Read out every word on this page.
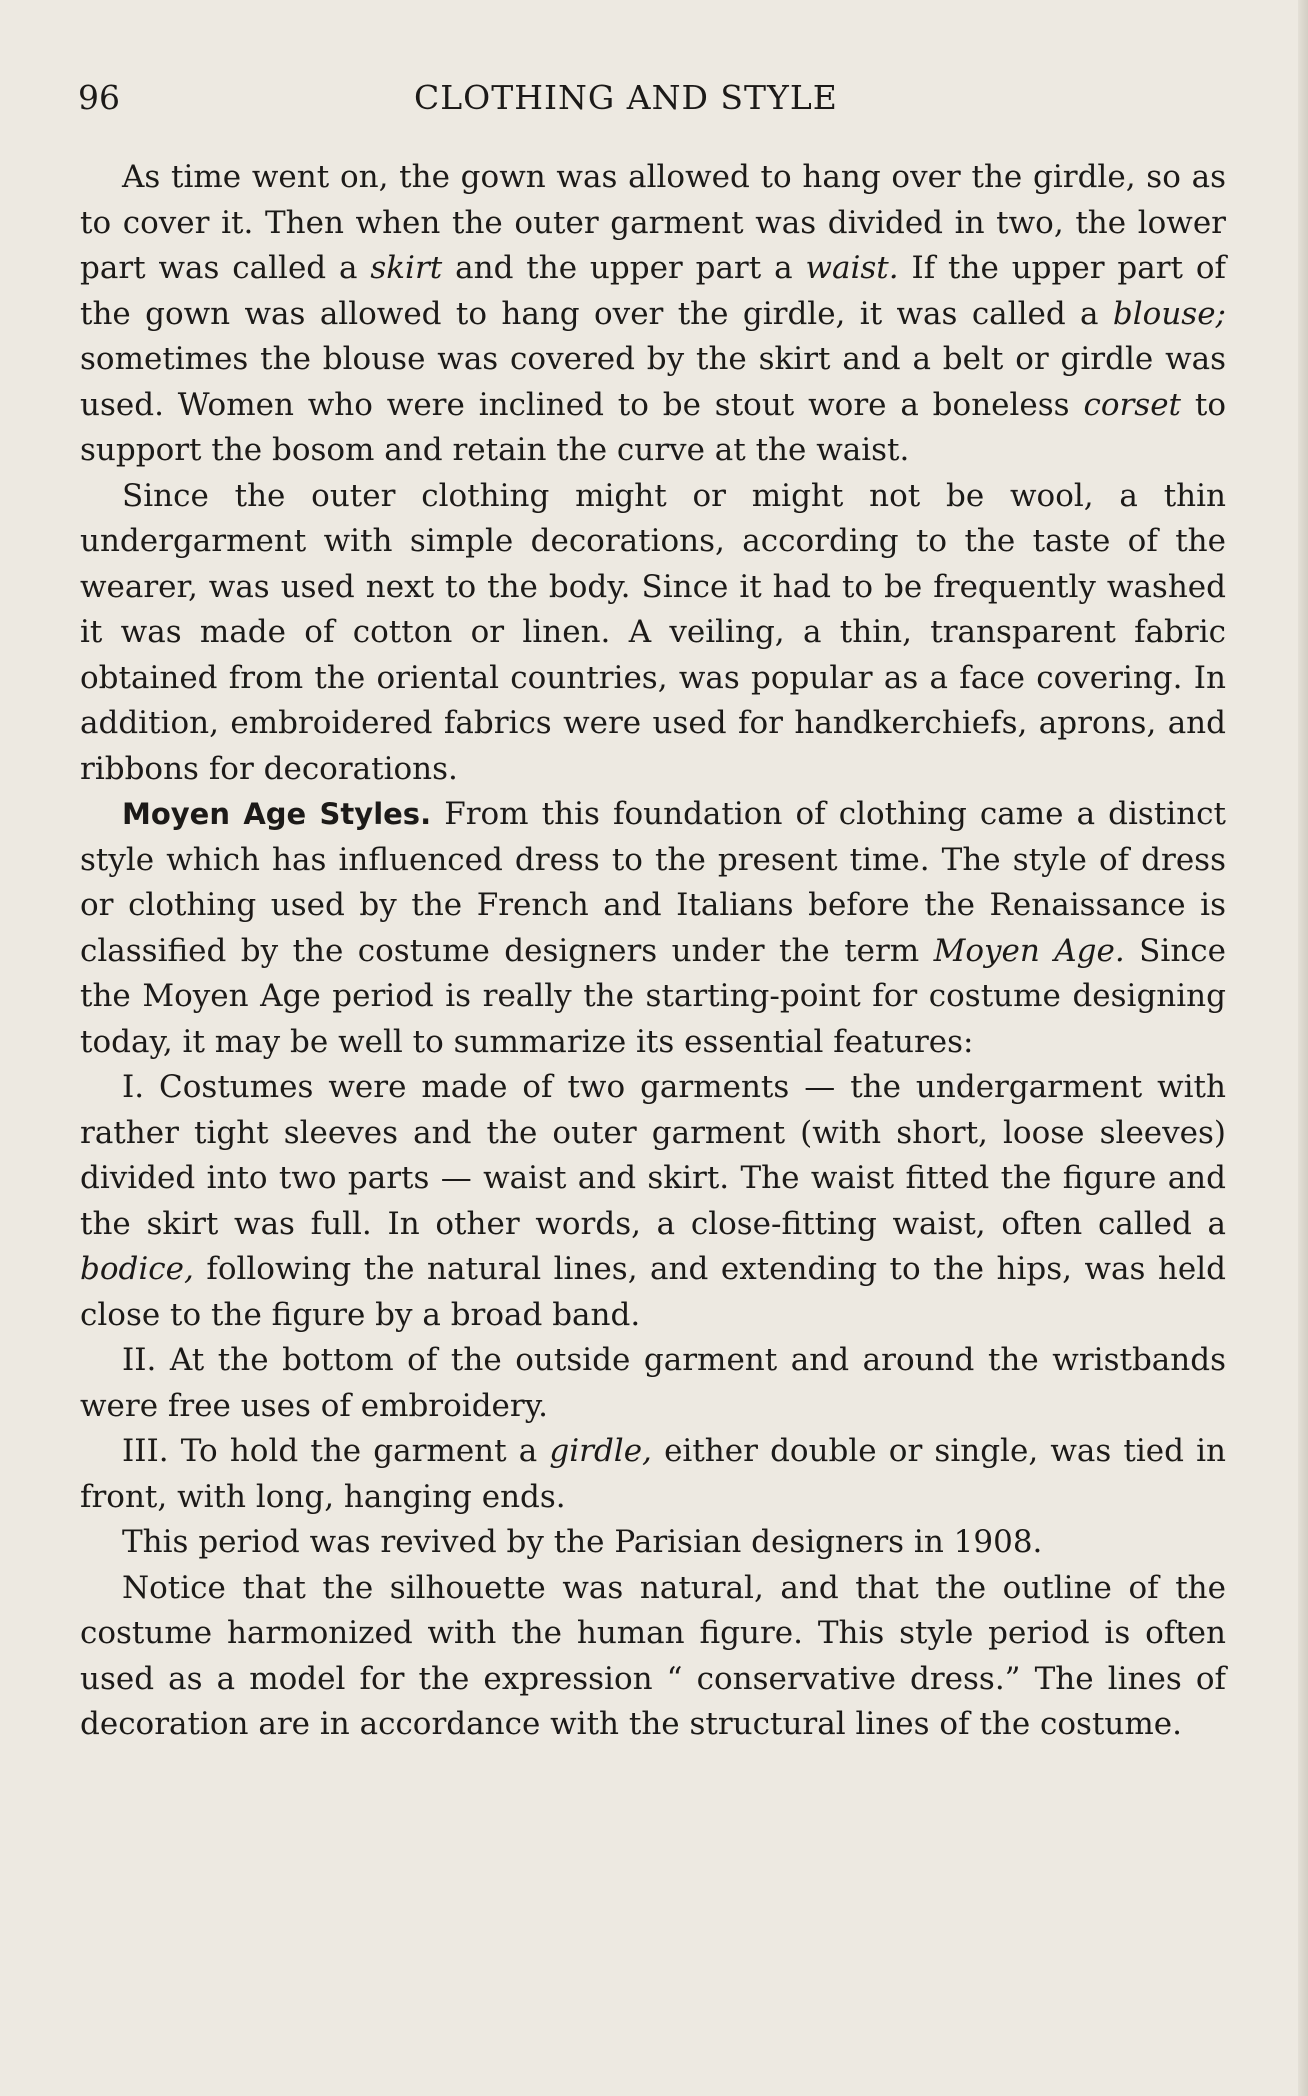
96	CLOTHING AND STYLE

As time went on, the gown was allowed to hang over the girdle, so as to cover it. Then when the outer garment was divided in two, the lower part was called a skirt and the upper part a waist. If the upper part of the gown was allowed to hang over the girdle, it was called a blouse; sometimes the blouse was covered by the skirt and a belt or girdle was used. Women who were inclined to be stout wore a boneless corset to support the bosom and retain the curve at the waist.

Since the outer clothing might or might not be wool, a thin undergarment with simple decorations, according to the taste of the wearer, was used next to the body. Since it had to be frequently washed it was made of cotton or linen. A veiling, a thin, transparent fabric obtained from the oriental countries, was popular as a face covering. In addition, embroidered fabrics were used for handkerchiefs, aprons, and ribbons for decorations.

Moyen Age Styles. From this foundation of clothing came a distinct style which has influenced dress to the present time. The style of dress or clothing used by the French and Italians before the Renaissance is classified by the costume designers under the term Moyen Age. Since the Moyen Age period is really the starting-point for costume designing today, it may be well to summarize its essential features:

I. Costumes were made of two garments — the undergarment with rather tight sleeves and the outer garment (with short, loose sleeves) divided into two parts — waist and skirt. The waist fitted the figure and the skirt was full. In other words, a close-fitting waist, often called a bodice, following the natural lines, and extending to the hips, was held close to the figure by a broad band.

II. At the bottom of the outside garment and around the wristbands were free uses of embroidery.

III. To hold the garment a girdle, either double or single, was tied in front, with long, hanging ends.

This period was revived by the Parisian designers in 1908.

Notice that the silhouette was natural, and that the outline of the costume harmonized with the human figure. This style period is often used as a model for the expression “ conservative dress.” The lines of decoration are in accordance with the structural lines of the costume.
